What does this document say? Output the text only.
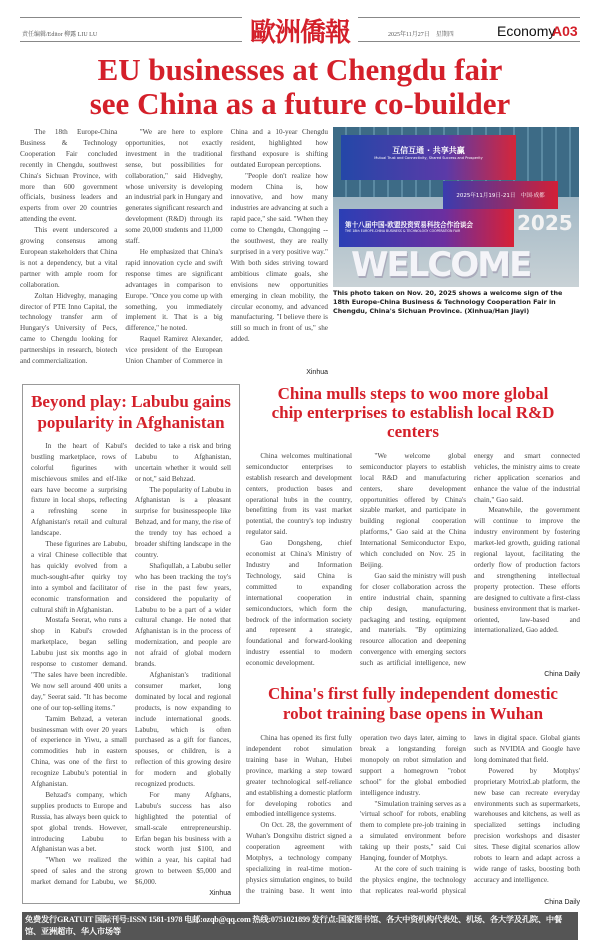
责任编辑/Editor 柳露 LIU LU	歐洲僑報	2025年11月27日　星期四	Economy
A03
EU businesses at Chengdu fair
see China as a future co-builder

The 18th Europe-China Business & Technology Cooperation Fair concluded recently in Chengdu, southwest China's Sichuan Province, with more than 600 government officials, business leaders and experts from over 20 countries attending the event.

This event underscored a growing consensus among European stakeholders that China is not a dependency, but a vital partner with ample room for collaboration.

Zoltan Hidveghy, managing director of PTE Inno Capital, the technology transfer arm of Hungary's University of Pecs, came to Chengdu looking for partnerships in research, biotech and commercialization.

"We are here to explore opportunities, not exactly investment in the traditional sense, but possibilities for collaboration," said Hidveghy, whose university is developing an industrial park in Hungary and generates significant research and development (R&D) through its some 20,000 students and 11,000 staff.

He emphasized that China's rapid innovation cycle and swift response times are significant advantages in comparison to Europe. "Once you come up with something, you immediately implement it. That is a big difference," he noted.

Raquel Ramirez Alexander, vice president of the European Union Chamber of Commerce in China and a 10-year Chengdu resident, highlighted how firsthand exposure is shifting outdated European perceptions.

"People don't realize how modern China is, how innovative, and how many industries are advancing at such a rapid pace," she said. "When they come to Chengdu, Chongqing -- the southwest, they are really surprised in a very positive way." With both sides striving toward ambitious climate goals, she envisions new opportunities emerging in clean mobility, the circular economy, and advanced manufacturing. "I believe there is still so much in front of us," she added.

Xinhua
互信互通 · 共享共赢
Mutual Trust and Connectivity, Shared Success and Prosperity
2025年11月19日-21日　中国·成都
第十八届中国-欧盟投资贸易科技合作洽谈会
THE 18th EUROPE-CHINA BUSINESS & TECHNOLOGY COOPERATION FAIR	2025
WELCOME
This photo taken on Nov. 20, 2025 shows a welcome sign of the 18th Europe-China Business & Technology Cooperation Fair in Chengdu, China's Sichuan Province. (Xinhua/Han Jiayi)
Beyond play: Labubu gains
popularity in Afghanistan

In the heart of Kabul's bustling marketplace, rows of colorful figurines with mischievous smiles and elf-like ears have become a surprising fixture in local shops, reflecting a refreshing scene in Afghanistan's retail and cultural landscape.

These figurines are Labubu, a viral Chinese collectible that has quickly evolved from a much-sought-after quirky toy into a symbol and facilitator of economic transformation and cultural shift in Afghanistan.

Mostafa Seerat, who runs a shop in Kabul's crowded marketplace, began selling Labubu just six months ago in response to customer demand. "The sales have been incredible. We now sell around 400 units a day," Seerat said. "It has become one of our top-selling items."

Tamim Behzad, a veteran businessman with over 20 years of experience in Yiwu, a small commodities hub in eastern China, was one of the first to recognize Labubu's potential in Afghanistan.

Behzad's company, which supplies products to Europe and Russia, has always been quick to spot global trends. However, introducing Labubu to Afghanistan was a bet.

"When we realized the speed of sales and the strong market demand for Labubu, we decided to take a risk and bring Labubu to Afghanistan, uncertain whether it would sell or not," said Behzad.

The popularity of Labubu in Afghanistan is a pleasant surprise for businesspeople like Behzad, and for many, the rise of the trendy toy has echoed a broader shifting landscape in the country.

Shafiqullah, a Labubu seller who has been tracking the toy's rise in the past few years, considered the popularity of Labubu to be a part of a wider cultural change. He noted that Afghanistan is in the process of modernization, and people are not afraid of global modern brands.

Afghanistan's traditional consumer market, long dominated by local and regional products, is now expanding to include international goods. Labubu, which is often purchased as a gift for fiances, spouses, or children, is a reflection of this growing desire for modern and globally recognized products.

For many Afghans, Labubu's success has also highlighted the potential of small-scale entrepreneurship. Erfan began his business with a stock worth just $100, and within a year, his capital had grown to between $5,000 and $6,000.

Xinhua
China mulls steps to woo more global
chip enterprises to establish local R&D centers

China welcomes multinational semiconductor enterprises to establish research and development centers, production bases and operational hubs in the country, benefitting from its vast market potential, the country's top industry regulator said.

Gao Dongsheng, chief economist at China's Ministry of Industry and Information Technology, said China is committed to expanding international cooperation in semiconductors, which form the bedrock of the information society and represent a strategic, foundational and forward-looking industry essential to modern economic development.

"We welcome global semiconductor players to establish local R&D and manufacturing centers, share development opportunities offered by China's sizable market, and participate in building regional cooperation platforms," Gao said at the China International Semiconductor Expo, which concluded on Nov. 25 in Beijing.

Gao said the ministry will push for closer collaboration across the entire industrial chain, spanning chip design, manufacturing, packaging and testing, equipment and materials. "By optimizing resource allocation and deepening convergence with emerging sectors such as artificial intelligence, new energy and smart connected vehicles, the ministry aims to create richer application scenarios and enhance the value of the industrial chain," Gao said.

Meanwhile, the government will continue to improve the industry environment by fostering market-led growth, guiding rational regional layout, facilitating the orderly flow of production factors and strengthening intellectual property protection. These efforts are designed to cultivate a first-class business environment that is market-oriented, law-based and internationalized, Gao added.

China Daily
China's first fully independent domestic
robot training base opens in Wuhan

China has opened its first fully independent robot simulation training base in Wuhan, Hubei province, marking a step toward greater technological self-reliance and establishing a domestic platform for developing robotics and embodied intelligence systems.

On Oct. 28, the government of Wuhan's Dongxihu district signed a cooperation agreement with Motphys, a technology company specializing in real-time motion-physics simulation engines, to build the training base. It went into operation two days later, aiming to break a longstanding foreign monopoly on robot simulation and support a homegrown "robot school" for the global embodied intelligence industry.

"Simulation training serves as a 'virtual school' for robots, enabling them to complete pre-job training in a simulated environment before taking up their posts," said Cui Hanqing, founder of Motphys.

At the core of such training is the physics engine, the technology that replicates real-world physical laws in digital space. Global giants such as NVIDIA and Google have long dominated that field.

Powered by Motphys' proprietary MotrixLab platform, the new base can recreate everyday environments such as supermarkets, warehouses and kitchens, as well as specialized settings including precision workshops and disaster sites. These digital scenarios allow robots to learn and adapt across a wide range of tasks, boosting both accuracy and intelligence.

China Daily
免费发行GRATUIT 国际刊号:ISSN 1581-1978 电邮:ozqb@qq.com 热线:0751021899 发行点:国家图书馆、各大中资机构代表处、机场、各大学及孔院、中餐馆、亚洲超市、华人市场等
